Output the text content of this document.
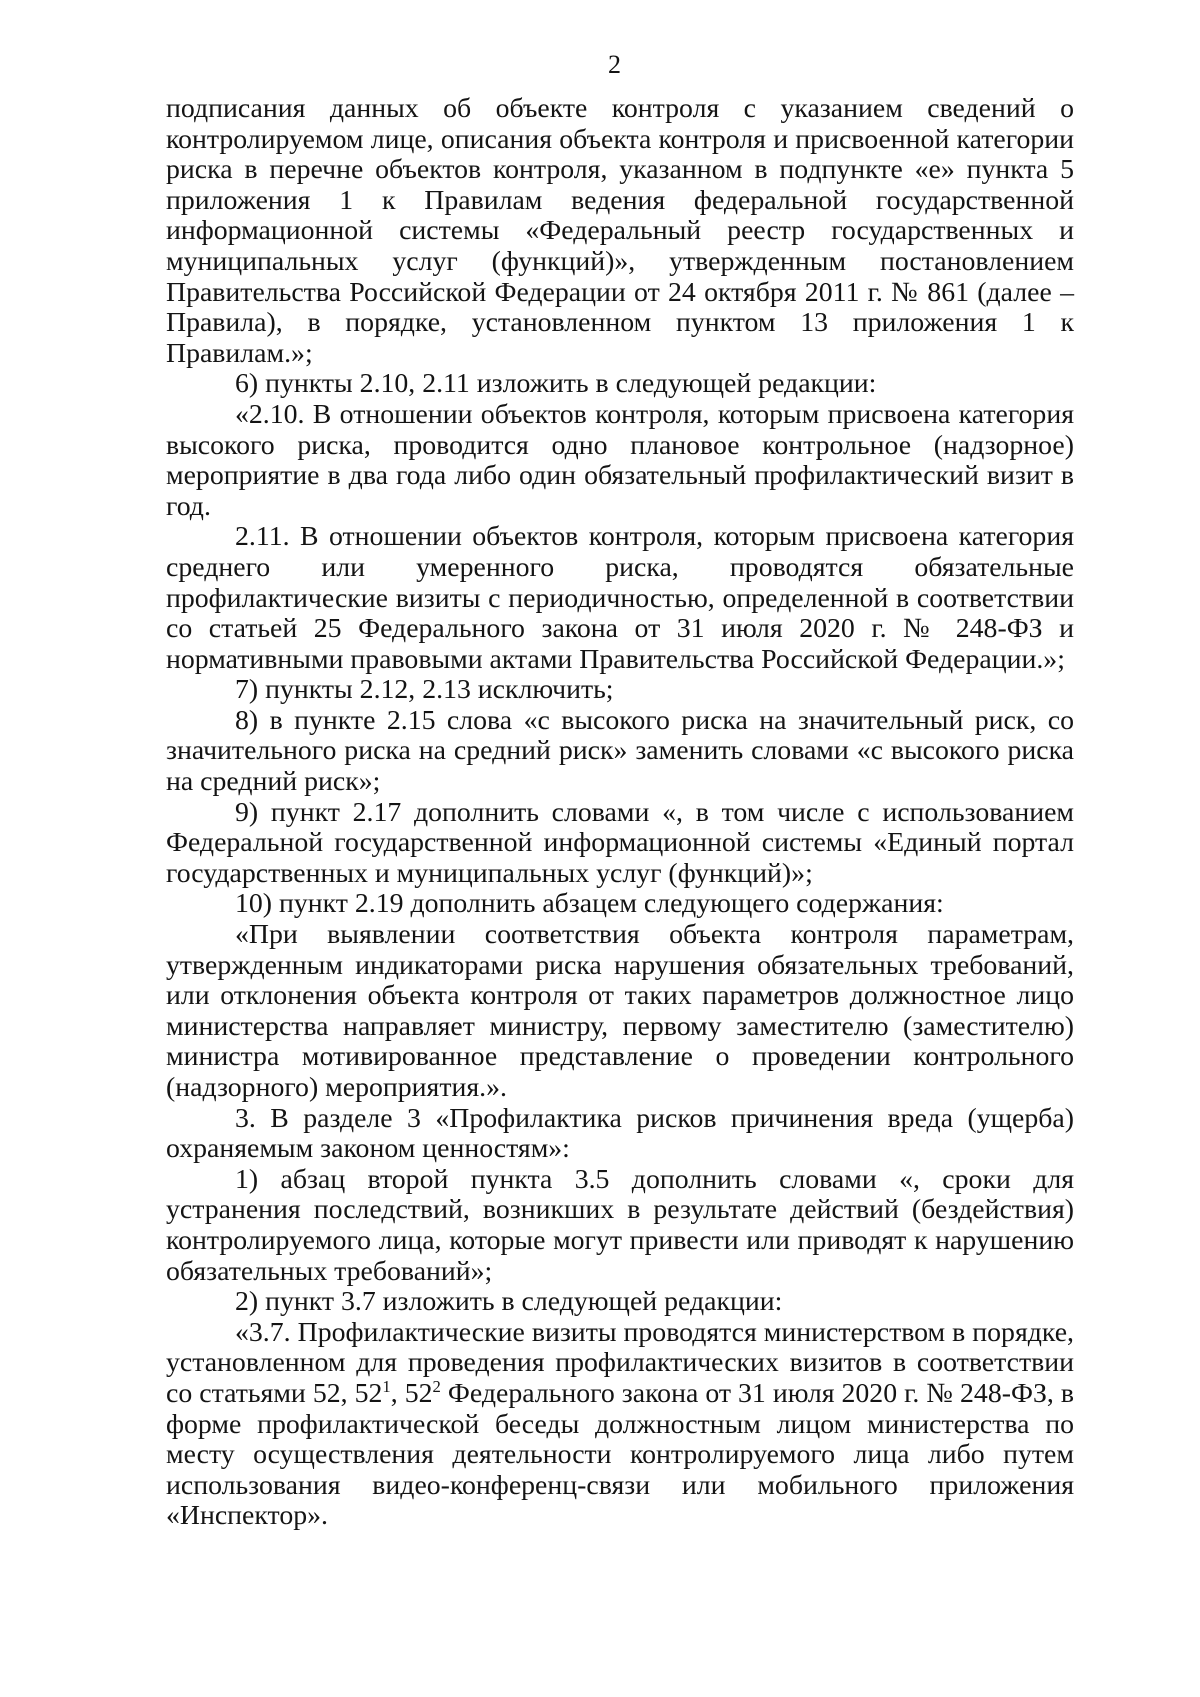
2

подписания данных об объекте контроля с указанием сведений о контролируемом лице, описания объекта контроля и присвоенной категории риска в перечне объектов контроля, указанном в подпункте «е» пункта 5 приложения 1 к Правилам ведения федеральной государственной информационной системы «Федеральный реестр государственных и муниципальных услуг (функций)», утвержденным постановлением Правительства Российской Федерации от 24 октября 2011 г. № 861 (далее – Правила), в порядке, установленном пунктом 13 приложения 1 к Правилам.»;

6) пункты 2.10, 2.11 изложить в следующей редакции:

«2.10. В отношении объектов контроля, которым присвоена категория высокого риска, проводится одно плановое контрольное (надзорное) мероприятие в два года либо один обязательный профилактический визит в год.

2.11. В отношении объектов контроля, которым присвоена категория среднего или умеренного риска, проводятся обязательные профилактические визиты с периодичностью, определенной в соответствии со статьей 25 Федерального закона от 31 июля 2020 г. № 248-ФЗ и нормативными правовыми актами Правительства Российской Федерации.»;

7) пункты 2.12, 2.13 исключить;

8) в пункте 2.15 слова «с высокого риска на значительный риск, со значительного риска на средний риск» заменить словами «с высокого риска на средний риск»;

9) пункт 2.17 дополнить словами «, в том числе с использованием Федеральной государственной информационной системы «Единый портал государственных и муниципальных услуг (функций)»;

10) пункт 2.19 дополнить абзацем следующего содержания:

«При выявлении соответствия объекта контроля параметрам, утвержденным индикаторами риска нарушения обязательных требований, или отклонения объекта контроля от таких параметров должностное лицо министерства направляет министру, первому заместителю (заместителю) министра мотивированное представление о проведении контрольного (надзорного) мероприятия.».

3. В разделе 3 «Профилактика рисков причинения вреда (ущерба) охраняемым законом ценностям»:

1) абзац второй пункта 3.5 дополнить словами «, сроки для устранения последствий, возникших в результате действий (бездействия) контролируемого лица, которые могут привести или приводят к нарушению обязательных требований»;

2) пункт 3.7 изложить в следующей редакции:

«3.7. Профилактические визиты проводятся министерством в порядке, установленном для проведения профилактических визитов в соответствии со статьями 52, $52^1$, $52^2$ Федерального закона от 31 июля 2020 г. № 248-ФЗ, в форме профилактической беседы должностным лицом министерства по месту осуществления деятельности контролируемого лица либо путем использования видео-конференц-связи или мобильного приложения «Инспектор».
